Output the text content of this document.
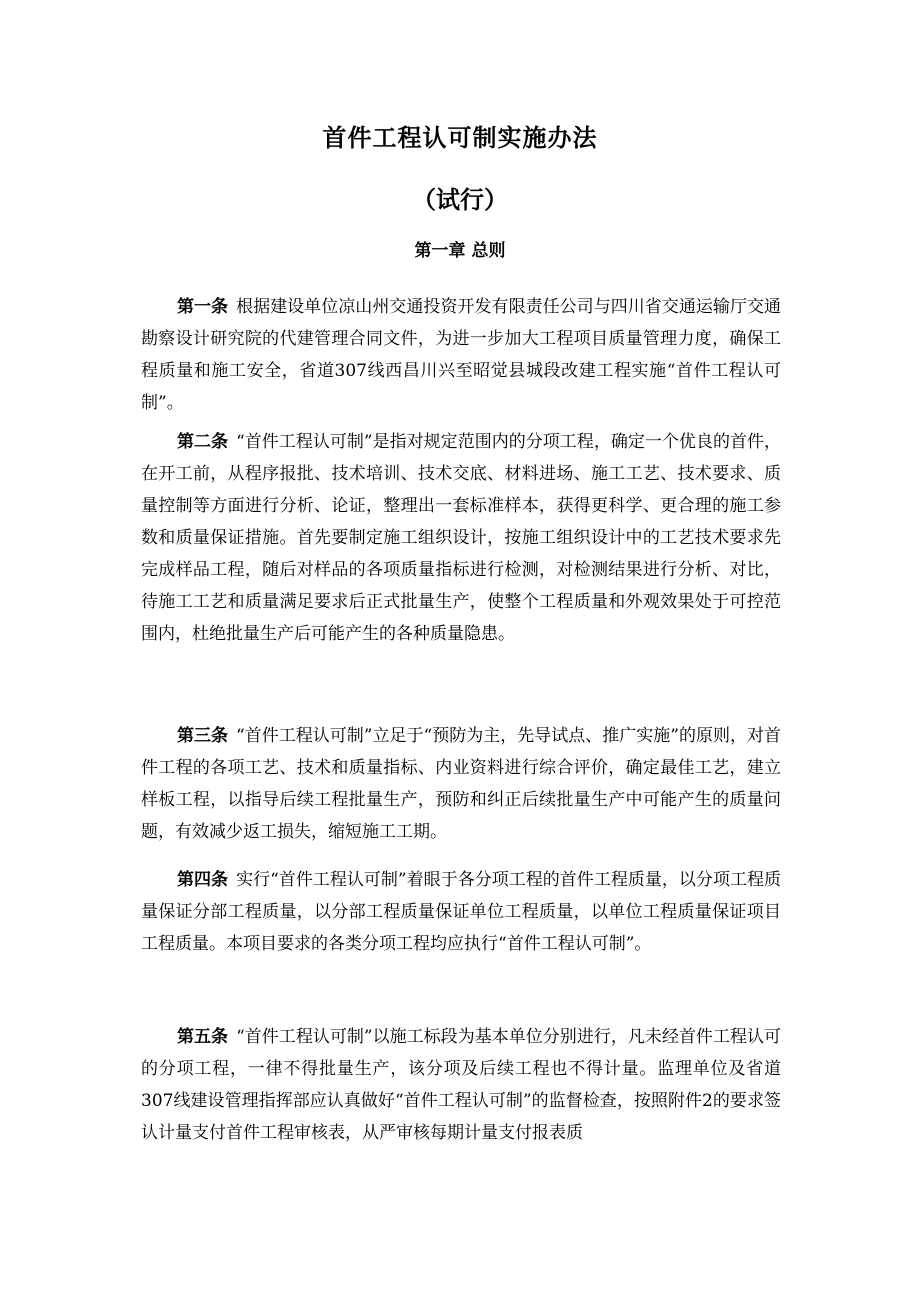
首件工程认可制实施办法
（试行）
第一章 总则

第一条 根据建设单位凉山州交通投资开发有限责任公司与四川省交通运输厅交通勘察设计研究院的代建管理合同文件，为进一步加大工程项目质量管理力度，确保工程质量和施工安全，省道307线西昌川兴至昭觉县城段改建工程实施“首件工程认可制”。

第二条 “首件工程认可制”是指对规定范围内的分项工程，确定一个优良的首件，在开工前，从程序报批、技术培训、技术交底、材料进场、施工工艺、技术要求、质量控制等方面进行分析、论证，整理出一套标准样本，获得更科学、更合理的施工参数和质量保证措施。首先要制定施工组织设计，按施工组织设计中的工艺技术要求先完成样品工程，随后对样品的各项质量指标进行检测，对检测结果进行分析、对比，待施工工艺和质量满足要求后正式批量生产，使整个工程质量和外观效果处于可控范围内，杜绝批量生产后可能产生的各种质量隐患。

第三条 “首件工程认可制”立足于“预防为主，先导试点、推广实施”的原则，对首件工程的各项工艺、技术和质量指标、内业资料进行综合评价，确定最佳工艺，建立样板工程，以指导后续工程批量生产，预防和纠正后续批量生产中可能产生的质量问题，有效减少返工损失，缩短施工工期。

第四条 实行“首件工程认可制”着眼于各分项工程的首件工程质量，以分项工程质量保证分部工程质量，以分部工程质量保证单位工程质量，以单位工程质量保证项目工程质量。本项目要求的各类分项工程均应执行“首件工程认可制”。

第五条 “首件工程认可制”以施工标段为基本单位分别进行，凡未经首件工程认可的分项工程，一律不得批量生产，该分项及后续工程也不得计量。监理单位及省道307线建设管理指挥部应认真做好“首件工程认可制”的监督检查，按照附件2的要求签认计量支付首件工程审核表，从严审核每期计量支付报表质
